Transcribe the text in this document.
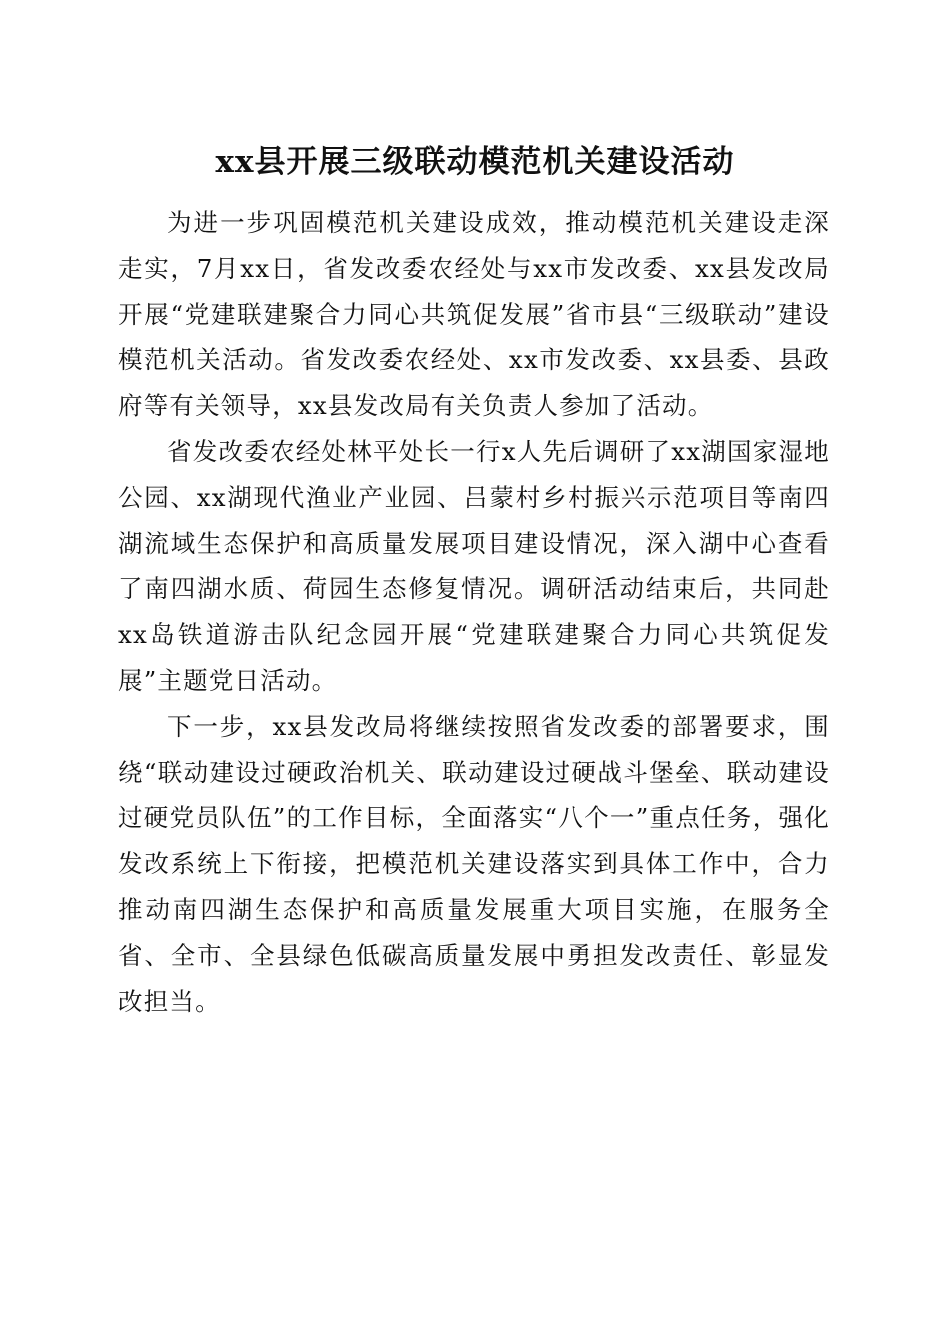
xx县开展三级联动模范机关建设活动

为进一步巩固模范机关建设成效，推动模范机关建设走深走实，7月xx日，省发改委农经处与xx市发改委、xx县发改局开展“党建联建聚合力同心共筑促发展”省市县“三级联动”建设模范机关活动。省发改委农经处、xx市发改委、xx县委、县政府等有关领导，xx县发改局有关负责人参加了活动。

省发改委农经处林平处长一行x人先后调研了xx湖国家湿地公园、xx湖现代渔业产业园、吕蒙村乡村振兴示范项目等南四湖流域生态保护和高质量发展项目建设情况，深入湖中心查看了南四湖水质、荷园生态修复情况。调研活动结束后，共同赴xx岛铁道游击队纪念园开展“党建联建聚合力同心共筑促发展”主题党日活动。

下一步，xx县发改局将继续按照省发改委的部署要求，围绕“联动建设过硬政治机关、联动建设过硬战斗堡垒、联动建设过硬党员队伍”的工作目标，全面落实“八个一”重点任务，强化发改系统上下衔接，把模范机关建设落实到具体工作中，合力推动南四湖生态保护和高质量发展重大项目实施，在服务全省、全市、全县绿色低碳高质量发展中勇担发改责任、彰显发改担当。
